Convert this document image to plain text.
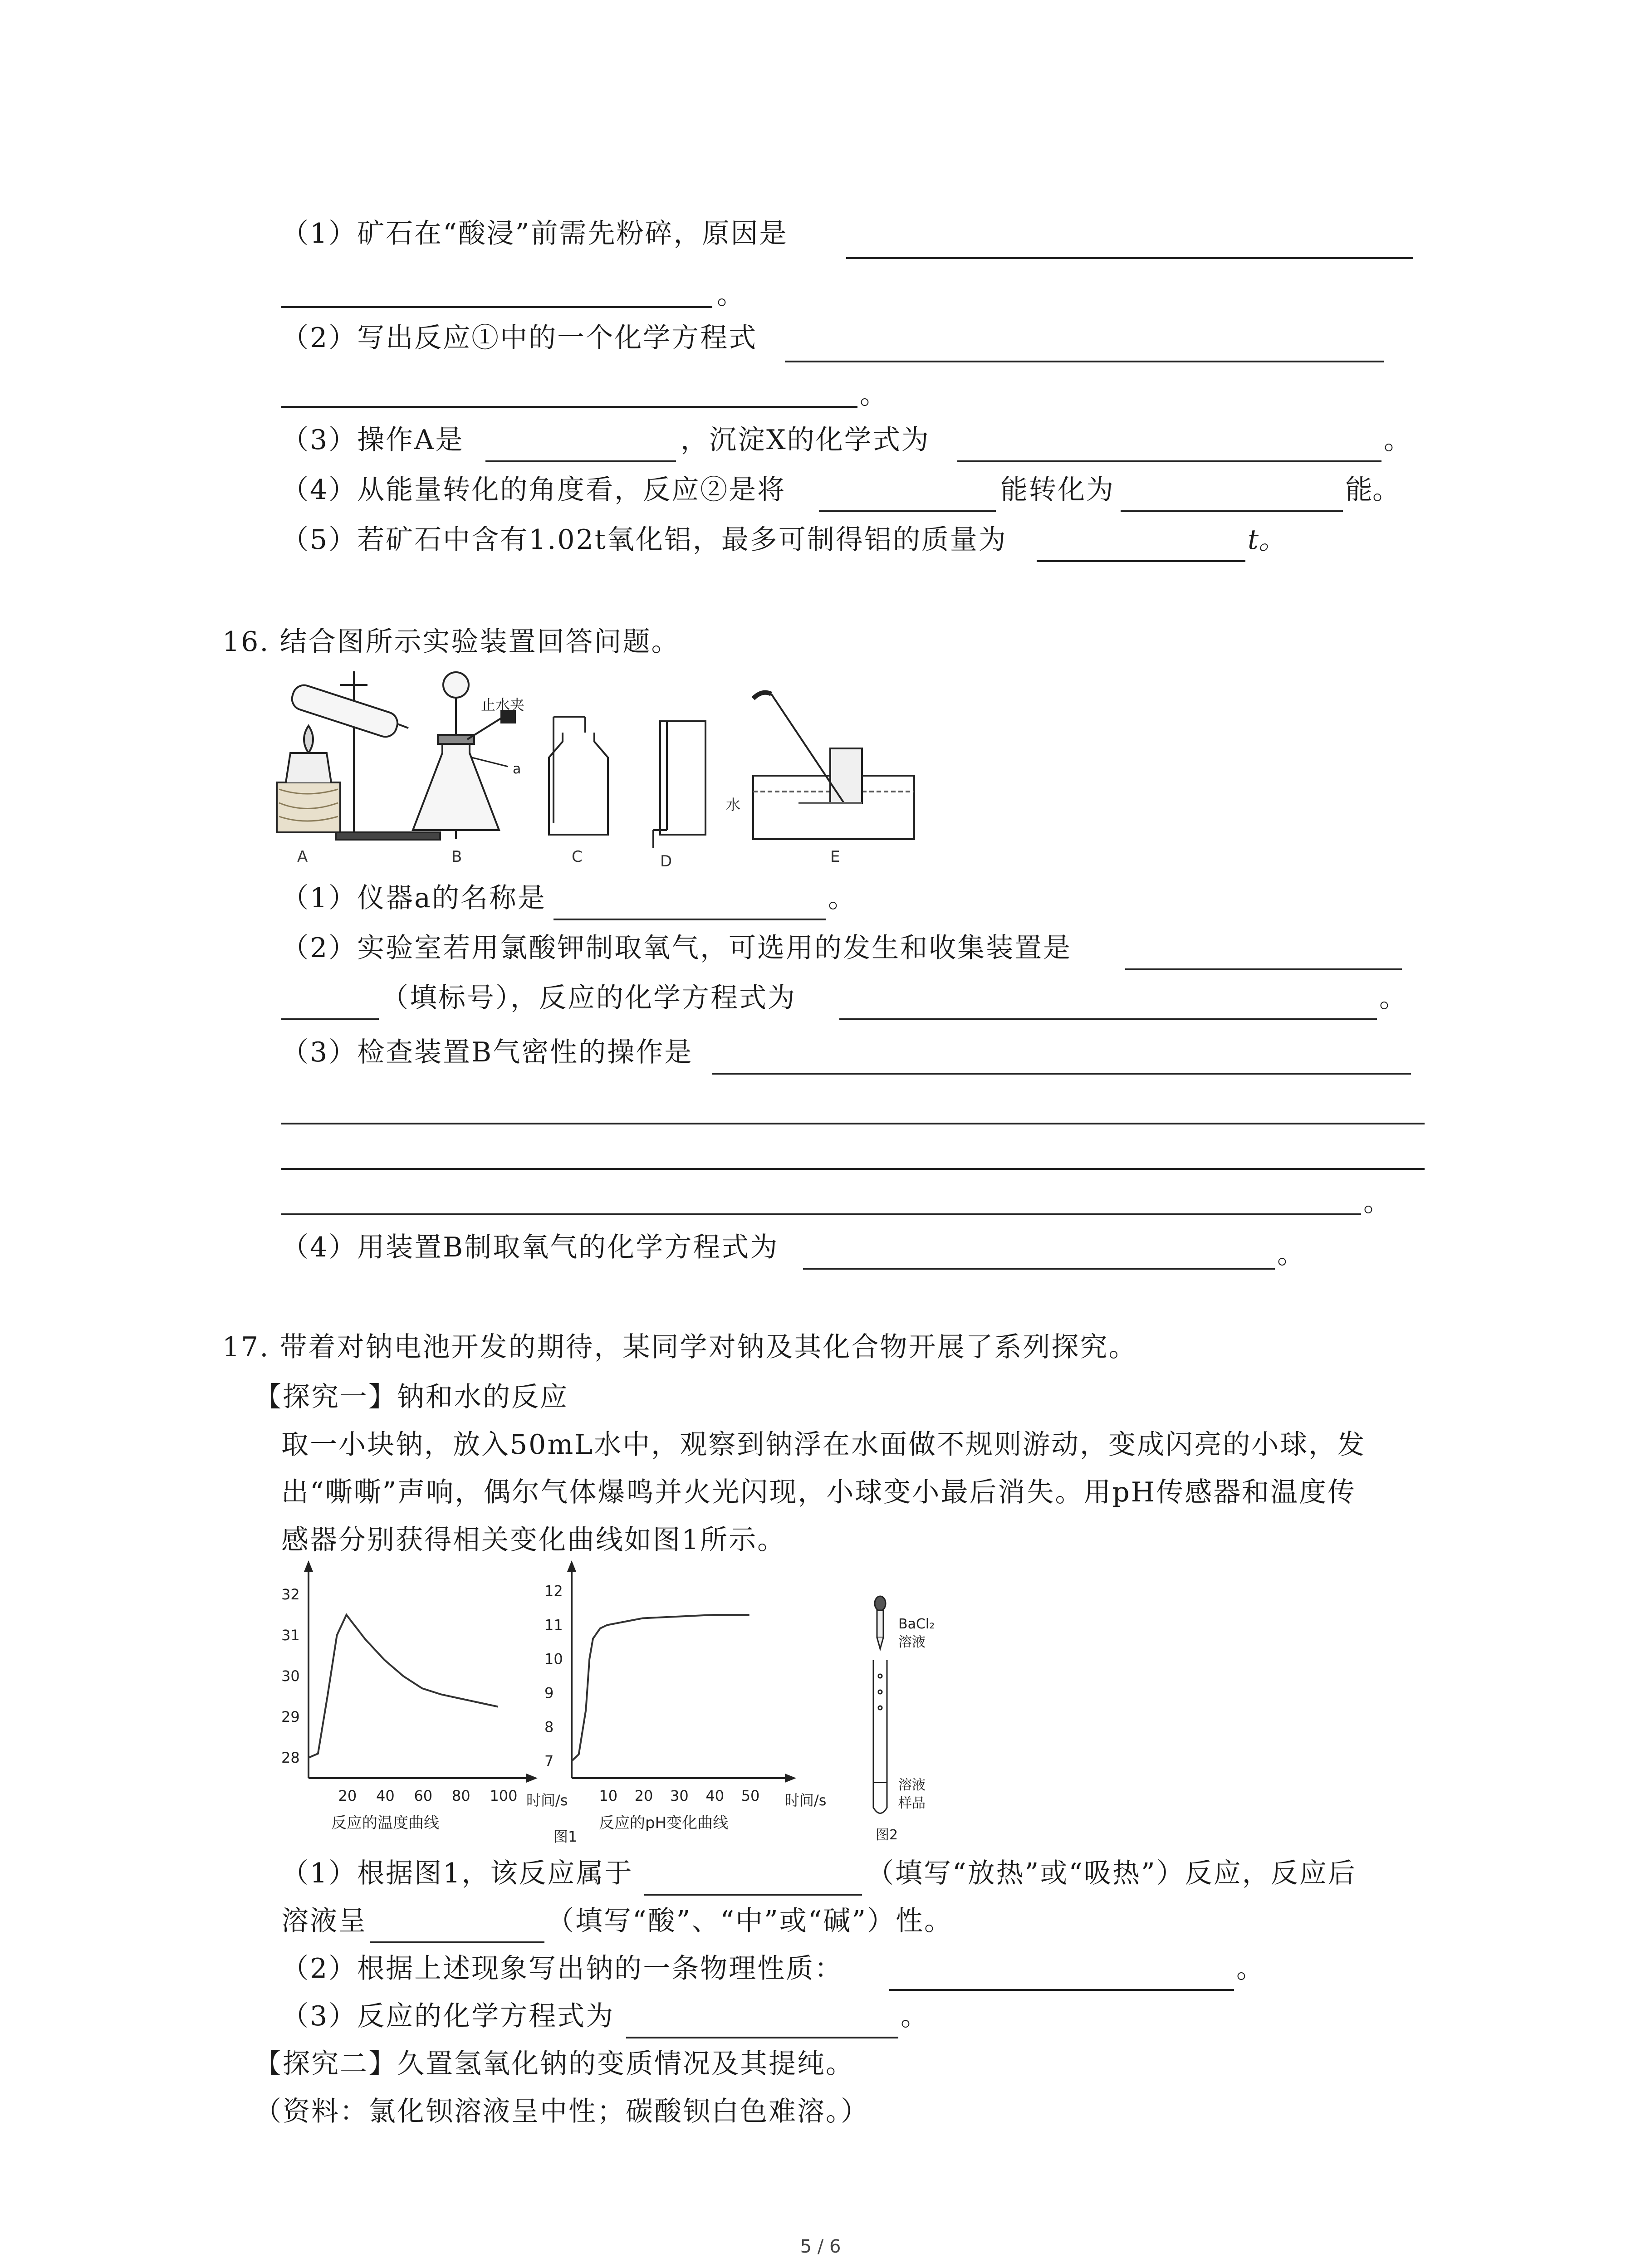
（1）矿石在“酸浸”前需先粉碎，原因是
。
（2）写出反应①中的一个化学方程式
。
（3）操作A是	，沉淀X的化学式为	。
（4）从能量转化的角度看，反应②是将	能转化为	能。
（5）若矿石中含有1.02t氧化铝，最多可制得铝的质量为	t。
16. 结合图所示实验装置回答问题。
A
止水夹
a
B	C	D
水
E
（1）仪器a的名称是	。
（2）实验室若用氯酸钾制取氧气，可选用的发生和收集装置是
（填标号），反应的化学方程式为	。
（3）检查装置B气密性的操作是
。
（4）用装置B制取氧气的化学方程式为	。
17. 带着对钠电池开发的期待，某同学对钠及其化合物开展了系列探究。
【探究一】钠和水的反应
取一小块钠，放入50mL水中，观察到钠浮在水面做不规则游动，变成闪亮的小球，发
出“嘶嘶”声响，偶尔气体爆鸣并火光闪现，小球变小最后消失。用pH传感器和温度传
感器分别获得相关变化曲线如图1所示。
28
29
30
31
32
20 40 60 80 100 时间/s
反应的温度曲线
7
8
9
10
11
12
10 20 30 40 50 时间/s
反应的pH变化曲线
图1
BaCl₂
溶液
溶液
样品
图2
（1）根据图1，该反应属于	（填写“放热”或“吸热”）反应，反应后
溶液呈	（填写“酸”、“中”或“碱”）性。
（2）根据上述现象写出钠的一条物理性质：	。
（3）反应的化学方程式为	。
【探究二】久置氢氧化钠的变质情况及其提纯。
（资料：氯化钡溶液呈中性；碳酸钡白色难溶。）
5 / 6
